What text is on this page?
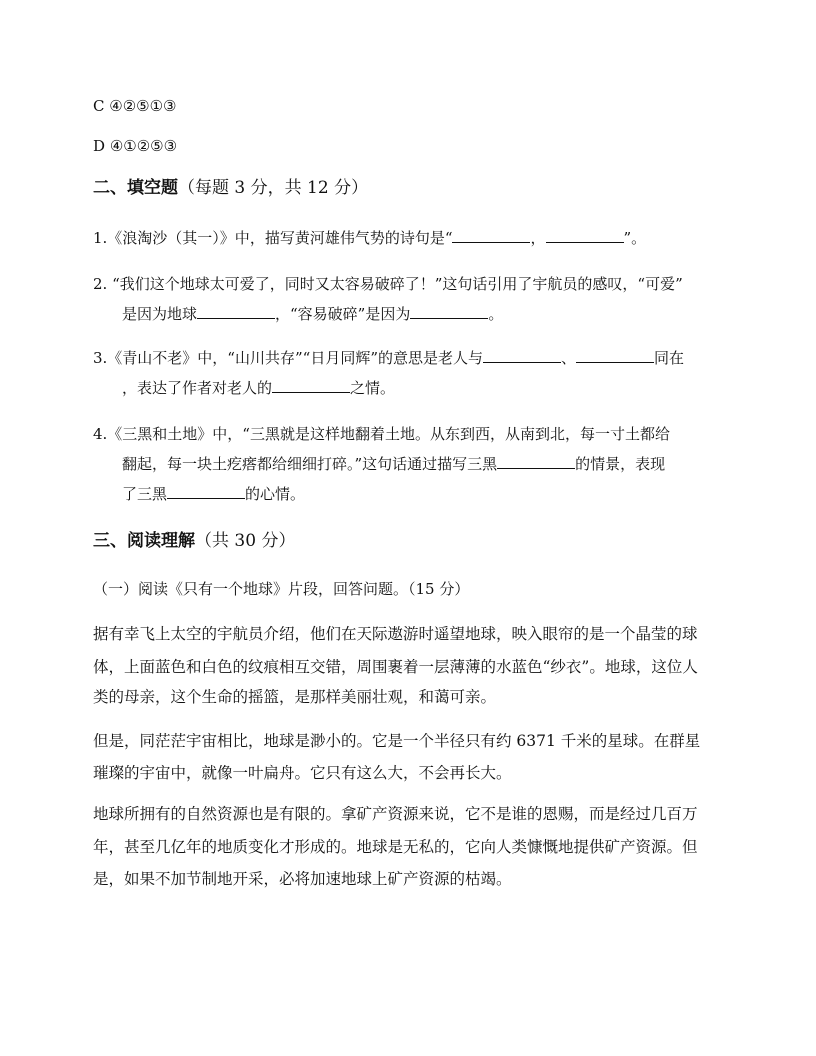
C ④②⑤①③
D ④①②⑤③
二、填空题（每题 3 分，共 12 分）
1.《浪淘沙（其一）》中，描写黄河雄伟气势的诗句是“	，	”。
2. “我们这个地球太可爱了，同时又太容易破碎了！”这句话引用了宇航员的感叹，“可爱”
是因为地球	，“容易破碎”是因为	。
3.《青山不老》中，“山川共存”“日月同辉”的意思是老人与	、	同在
，表达了作者对老人的	之情。
4.《三黑和土地》中，“三黑就是这样地翻着土地。从东到西，从南到北，每一寸土都给
翻起，每一块土疙瘩都给细细打碎。”这句话通过描写三黑	的情景，表现
了三黑	的心情。
三、阅读理解（共 30 分）
（一）阅读《只有一个地球》片段，回答问题。（15 分）
据有幸飞上太空的宇航员介绍，他们在天际遨游时遥望地球，映入眼帘的是一个晶莹的球
体，上面蓝色和白色的纹痕相互交错，周围裹着一层薄薄的水蓝色“纱衣”。地球，这位人
类的母亲，这个生命的摇篮，是那样美丽壮观，和蔼可亲。
但是，同茫茫宇宙相比，地球是渺小的。它是一个半径只有约 6371 千米的星球。在群星
璀璨的宇宙中，就像一叶扁舟。它只有这么大，不会再长大。
地球所拥有的自然资源也是有限的。拿矿产资源来说，它不是谁的恩赐，而是经过几百万
年，甚至几亿年的地质变化才形成的。地球是无私的，它向人类慷慨地提供矿产资源。但
是，如果不加节制地开采，必将加速地球上矿产资源的枯竭。
